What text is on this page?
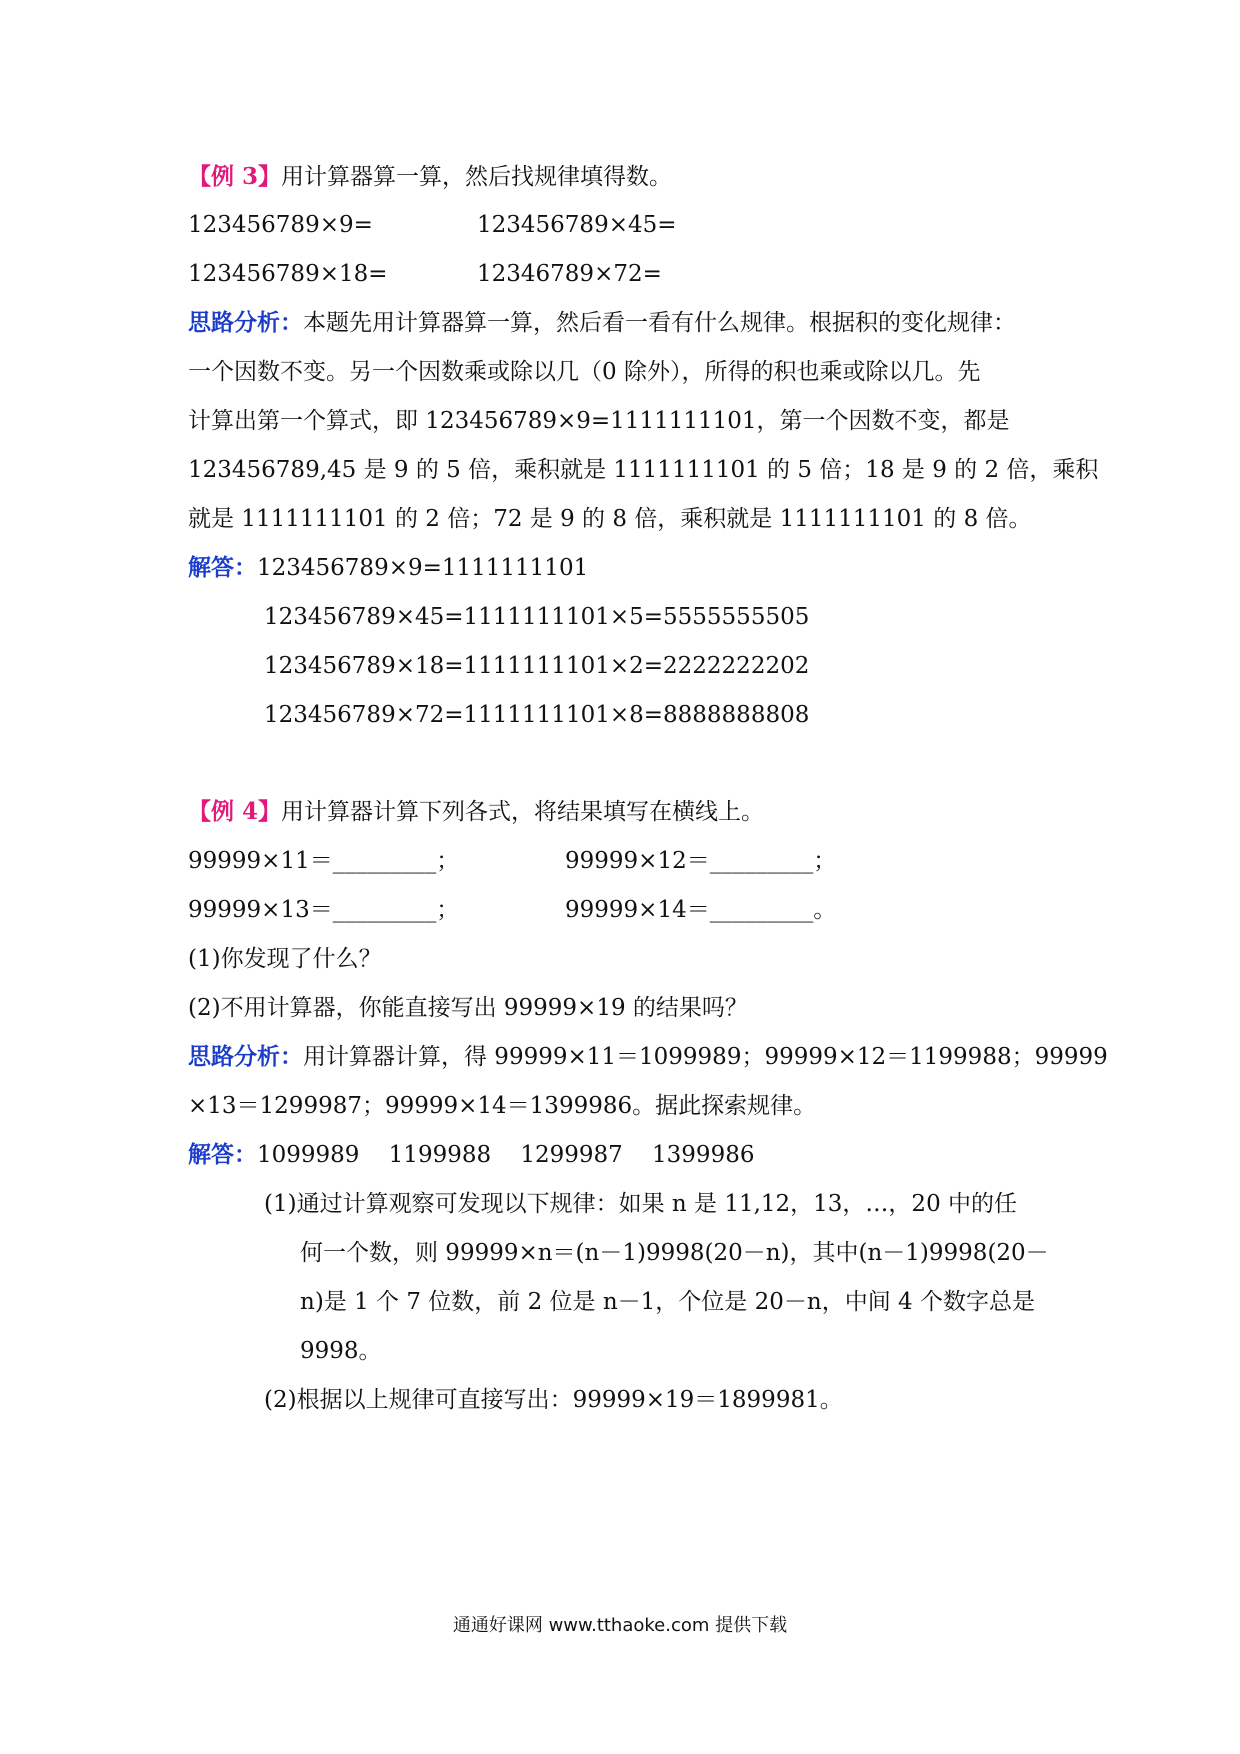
【例 3】用计算器算一算，然后找规律填得数。
123456789×9=	123456789×45=
123456789×18=	12346789×72=
思路分析：本题先用计算器算一算，然后看一看有什么规律。根据积的变化规律：
一个因数不变。另一个因数乘或除以几（0 除外），所得的积也乘或除以几。先
计算出第一个算式，即 123456789×9=1111111101，第一个因数不变，都是
123456789,45 是 9 的 5 倍，乘积就是 1111111101 的 5 倍；18 是 9 的 2 倍，乘积
就是 1111111101 的 2 倍；72 是 9 的 8 倍，乘积就是 1111111101 的 8 倍。
解答：123456789×9=1111111101
123456789×45=1111111101×5=5555555505
123456789×18=1111111101×2=2222222202
123456789×72=1111111101×8=8888888808
【例 4】用计算器计算下列各式，将结果填写在横线上。
99999×11＝_________；	99999×12＝_________；
99999×13＝_________；	99999×14＝_________。
(1)你发现了什么？
(2)不用计算器，你能直接写出 99999×19 的结果吗？
思路分析：用计算器计算，得 99999×11＝1099989；99999×12＝1199988；99999
×13＝1299987；99999×14＝1399986。据此探索规律。
解答：1099989    1199988    1299987    1399986
(1)通过计算观察可发现以下规律：如果 n 是 11,12，13，…，20 中的任
何一个数，则 99999×n＝(n－1)9998(20－n)，其中(n－1)9998(20－
n)是 1 个 7 位数，前 2 位是 n－1，个位是 20－n，中间 4 个数字总是
9998。
(2)根据以上规律可直接写出：99999×19＝1899981。
通通好课网 www.tthaoke.com 提供下载
